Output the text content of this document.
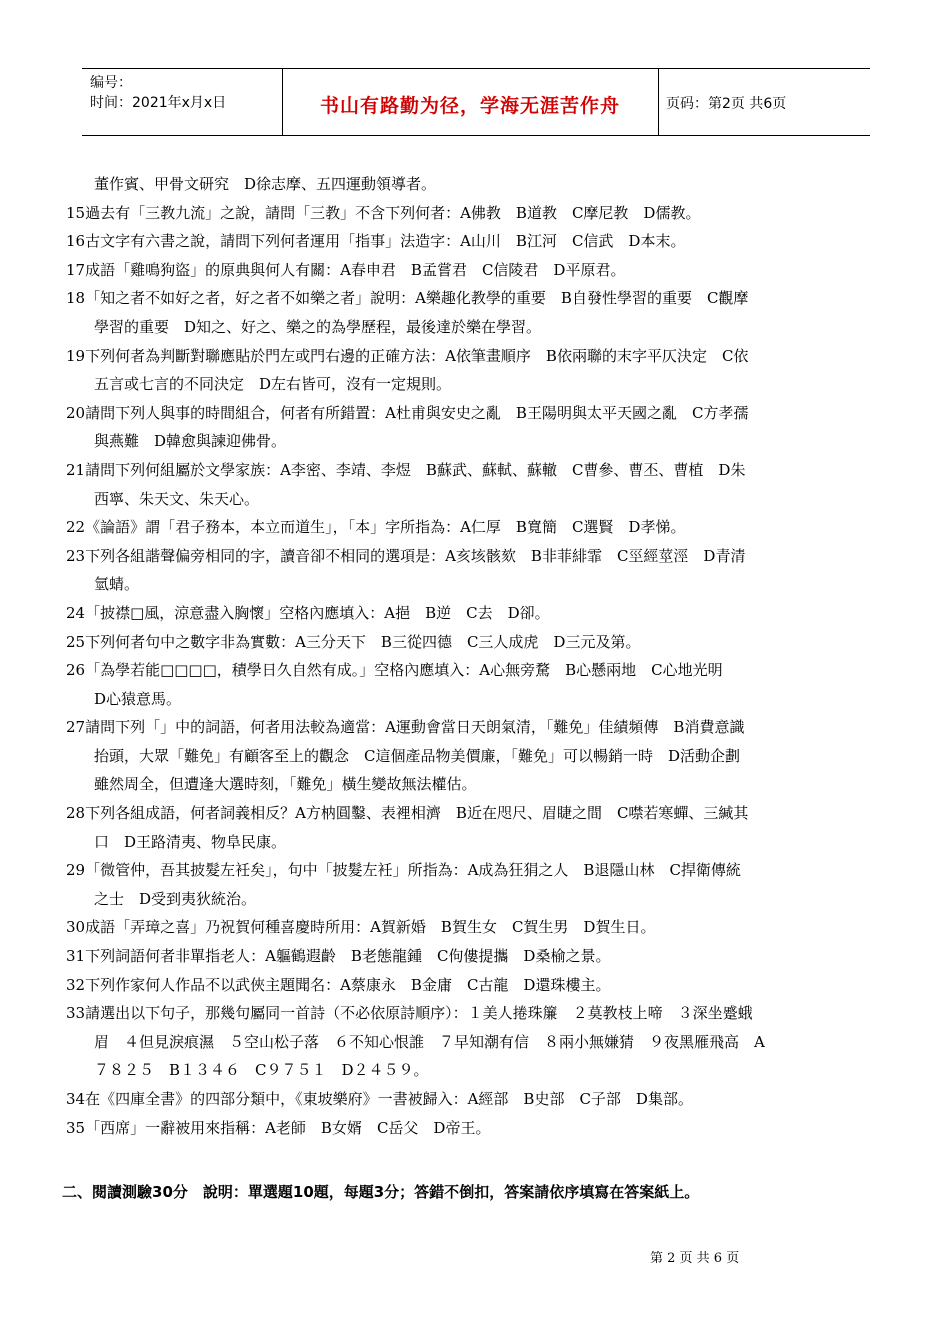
编号：
时间：2021年x月x日	书山有路勤为径，学海无涯苦作舟	页码：第2页 共6页
董作賓、甲骨文研究　D徐志摩、五四運動領導者。
15過去有「三教九流」之說，請問「三教」不含下列何者：A佛教　B道教　C摩尼教　D儒教。
16古文字有六書之說，請問下列何者運用「指事」法造字：A山川　B江河　C信武　D本末。
17成語「雞鳴狗盜」的原典與何人有關：A春申君　B孟嘗君　C信陵君　D平原君。
18「知之者不如好之者，好之者不如樂之者」說明：A樂趣化教學的重要　B自發性學習的重要　C觀摩
學習的重要　D知之、好之、樂之的為學歷程，最後達於樂在學習。
19下列何者為判斷對聯應貼於門左或門右邊的正確方法：A依筆畫順序　B依兩聯的末字平仄決定　C依
五言或七言的不同決定　D左右皆可，沒有一定規則。
20請問下列人與事的時間組合，何者有所錯置：A杜甫與安史之亂　B王陽明與太平天國之亂　C方孝孺
與燕難　D韓愈與諫迎佛骨。
21請問下列何組屬於文學家族：A李密、李靖、李煜　B蘇武、蘇軾、蘇轍　C曹參、曹丕、曹植　D朱
西寧、朱天文、朱天心。
22《論語》謂「君子務本，本立而道生」，「本」字所指為：A仁厚　B寬簡　C選賢　D孝悌。
23下列各組諧聲偏旁相同的字，讀音卻不相同的選項是：A亥垓骸欬　B非菲緋霏　C巠經莖涇　D青清
氫蜻。
24「披襟□風，涼意盡入胸懷」空格內應填入：A挹　B逆　C去　D卻。
25下列何者句中之數字非為實數：A三分天下　B三從四德　C三人成虎　D三元及第。
26「為學若能□□□□，積學日久自然有成。」空格內應填入：A心無旁騖　B心懸兩地　C心地光明
D心猿意馬。
27請問下列「」中的詞語，何者用法較為適當：A運動會當日天朗氣清，「難免」佳績頻傳　B消費意識
抬頭，大眾「難免」有顧客至上的觀念　C這個產品物美價廉，「難免」可以暢銷一時　D活動企劃
雖然周全，但遭逢大選時刻，「難免」橫生變故無法權估。
28下列各組成語，何者詞義相反？A方枘圓鑿、表裡相濟　B近在咫尺、眉睫之間　C噤若寒蟬、三緘其
口　D王路清夷、物阜民康。
29「微管仲，吾其披髮左衽矣」，句中「披髮左衽」所指為：A成為狂狷之人　B退隱山林　C捍衛傳統
之士　D受到夷狄統治。
30成語「弄璋之喜」乃祝賀何種喜慶時所用：A賀新婚　B賀生女　C賀生男　D賀生日。
31下列詞語何者非單指老人：A軀鶴遐齡　B老態龍鍾　C佝僂提攜　D桑榆之景。
32下列作家何人作品不以武俠主題聞名：A蔡康永　B金庸　C古龍　D還珠樓主。
33請選出以下句子，那幾句屬同一首詩（不必依原詩順序）：１美人捲珠簾　２莫教枝上啼　３深坐蹙蛾
眉　４但見淚痕濕　５空山松子落　６不知心恨誰　７早知潮有信　８兩小無嫌猜　９夜黑雁飛高　A
７８２５　B１３４６　C９７５１　D２４５９。
34在《四庫全書》的四部分類中，《東坡樂府》一書被歸入：A經部　B史部　C子部　D集部。
35「西席」一辭被用來指稱：A老師　B女婿　C岳父　D帝王。
二、閱讀測驗30分　說明：單選題10題，每題3分；答錯不倒扣，答案請依序填寫在答案紙上。
第 2 页 共 6 页
